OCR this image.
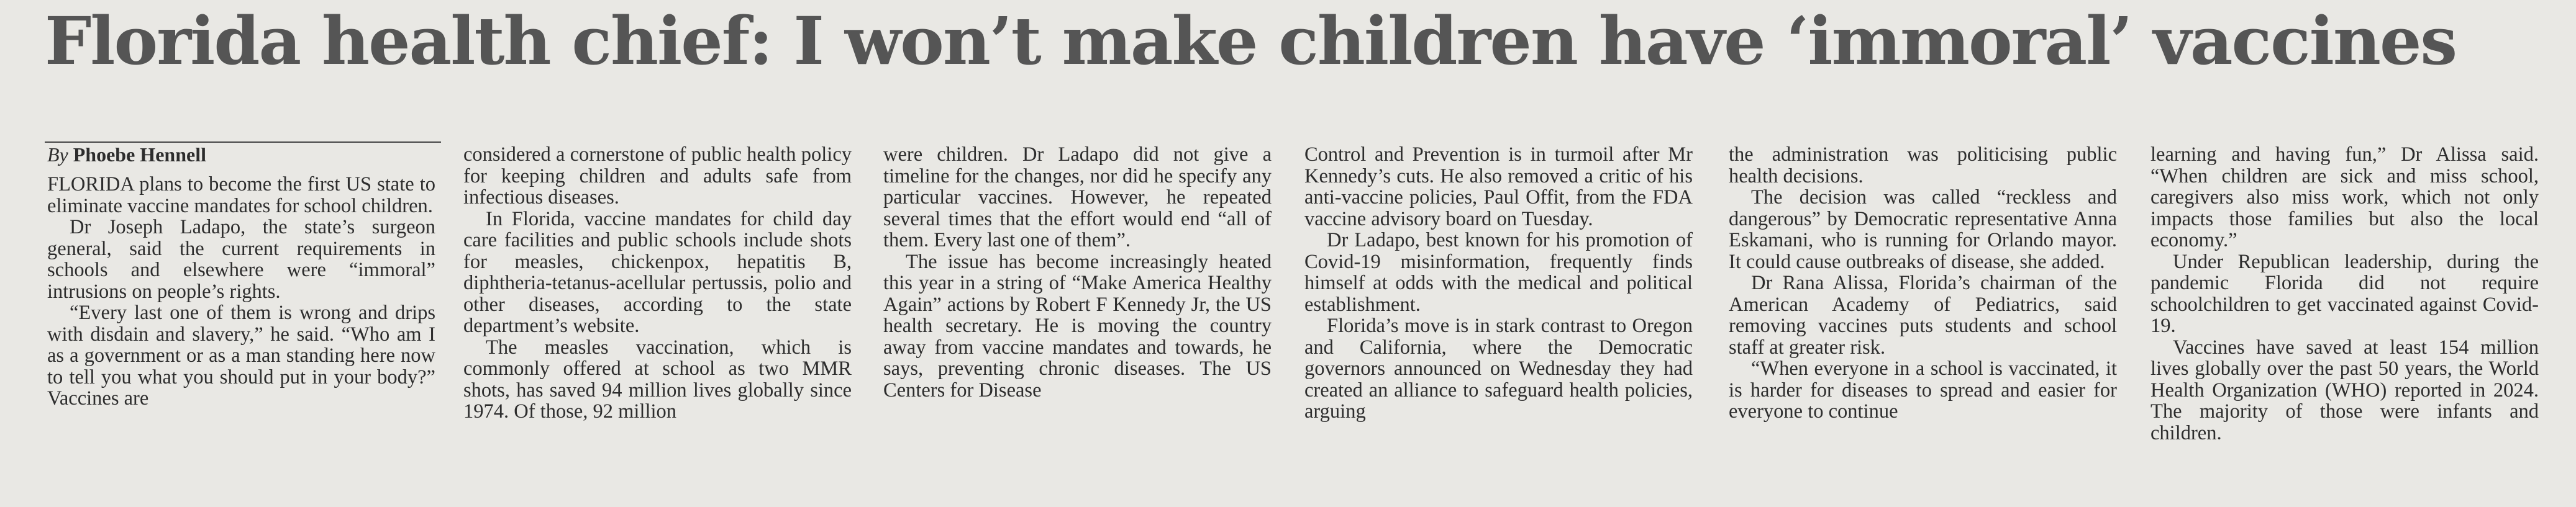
Florida health chief: I won’t make children have ‘immoral’ vaccines
By Phoebe Hennell

FLORIDA plans to become the first US state to eliminate vaccine mandates for school children.

Dr Joseph Ladapo, the state’s surgeon general, said the current requirements in schools and elsewhere were “immoral” intrusions on people’s rights.

“Every last one of them is wrong and drips with disdain and slavery,” he said. “Who am I as a government or as a man standing here now to tell you what you should put in your body?” Vaccines are

considered a cornerstone of public health policy for keeping children and adults safe from infectious diseases.

In Florida, vaccine mandates for child day care facilities and public schools include shots for measles, chickenpox, hepatitis B, diphtheria-tetanus-acellular pertussis, polio and other diseases, according to the state department’s website.

The measles vaccination, which is commonly offered at school as two MMR shots, has saved 94 million lives globally since 1974. Of those, 92 million

were children. Dr Ladapo did not give a timeline for the changes, nor did he specify any particular vaccines. However, he repeated several times that the effort would end “all of them. Every last one of them”.

The issue has become increasingly heated this year in a string of “Make America Healthy Again” actions by Robert F Kennedy Jr, the US health secretary. He is moving the country away from vaccine mandates and towards, he says, preventing chronic diseases. The US Centers for Disease

Control and Prevention is in turmoil after Mr Kennedy’s cuts. He also removed a critic of his anti-vaccine policies, Paul Offit, from the FDA vaccine advisory board on Tuesday.

Dr Ladapo, best known for his promotion of Covid-19 misinformation, frequently finds himself at odds with the medical and political establishment.

Florida’s move is in stark contrast to Oregon and California, where the Democratic governors announced on Wednesday they had created an alliance to safeguard health policies, arguing

the administration was politicising public health decisions.

The decision was called “reckless and dangerous” by Democratic representative Anna Eskamani, who is running for Orlando mayor. It could cause outbreaks of disease, she added.

Dr Rana Alissa, Florida’s chairman of the American Academy of Pediatrics, said removing vaccines puts students and school staff at greater risk.

“When everyone in a school is vaccinated, it is harder for diseases to spread and easier for everyone to continue

learning and having fun,” Dr Alissa said. “When children are sick and miss school, caregivers also miss work, which not only impacts those families but also the local economy.”

Under Republican leadership, during the pandemic Florida did not require schoolchildren to get vaccinated against Covid-19.

Vaccines have saved at least 154 million lives globally over the past 50 years, the World Health Organization (WHO) reported in 2024. The majority of those were infants and children.
